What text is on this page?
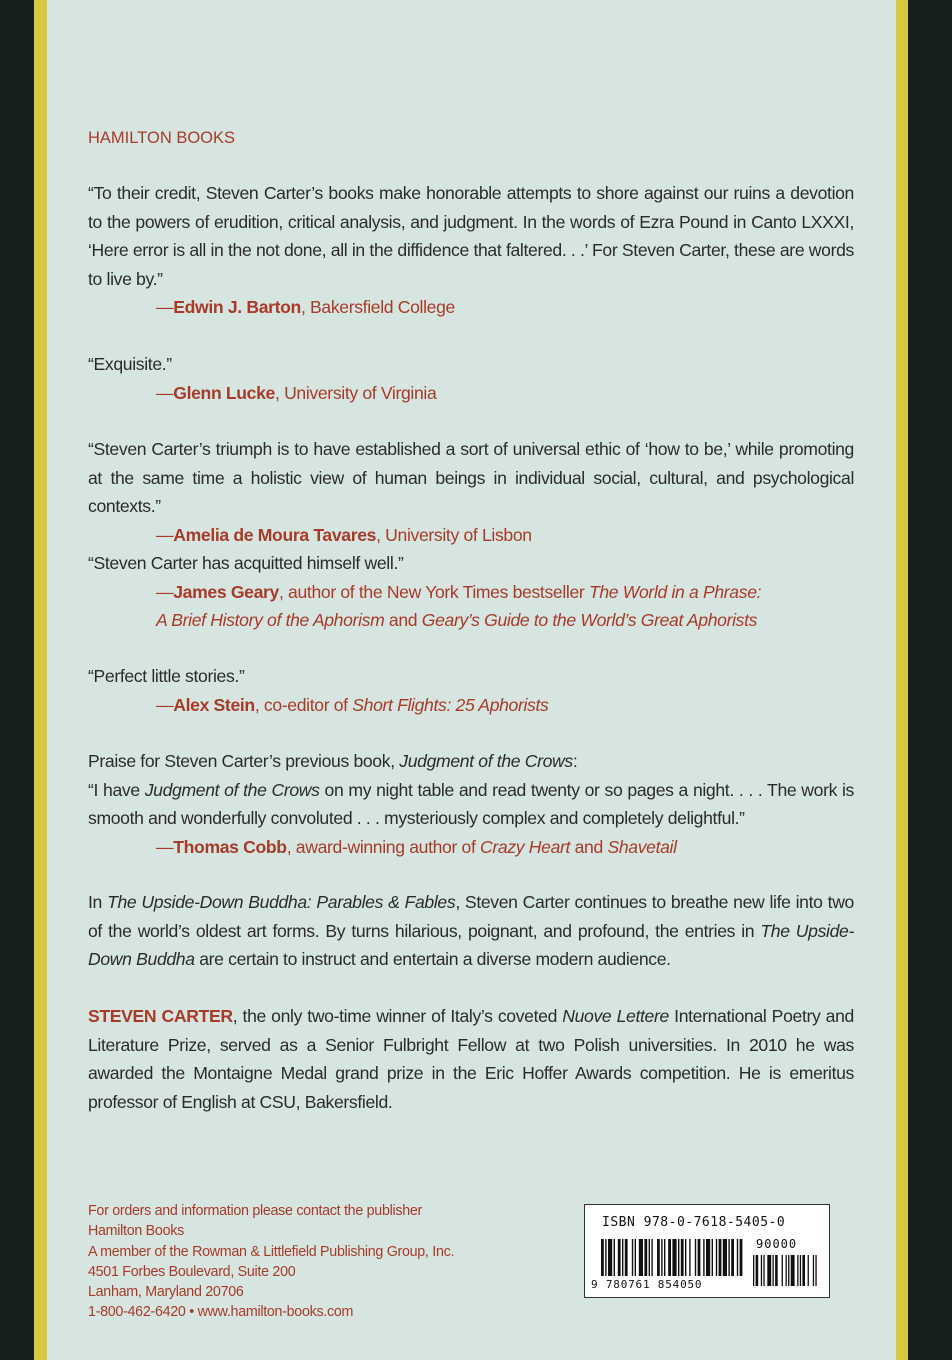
HAMILTON BOOKS

“To their credit, Steven Carter’s books make honorable attempts to shore against our ruins a devotion to the powers of erudition, critical analysis, and judgment. In the words of Ezra Pound in Canto LXXXI, ‘Here error is all in the not done, all in the diffidence that faltered. . .’ For Steven Carter, these are words to live by.”

—Edwin J. Barton, Bakersfield College

“Exquisite.”

—Glenn Lucke, University of Virginia

“Steven Carter’s triumph is to have established a sort of universal ethic of ‘how to be,’ while promoting at the same time a holistic view of human beings in individual social, cultural, and psychological contexts.”

—Amelia de Moura Tavares, University of Lisbon

“Steven Carter has acquitted himself well.”

—James Geary, author of the New York Times bestseller The World in a Phrase:
A Brief History of the Aphorism and Geary’s Guide to the World’s Great Aphorists

“Perfect little stories.”

—Alex Stein, co-editor of Short Flights: 25 Aphorists

Praise for Steven Carter’s previous book, Judgment of the Crows:

“I have Judgment of the Crows on my night table and read twenty or so pages a night. . . . The work is smooth and wonderfully convoluted . . . mysteriously complex and completely delightful.”

—Thomas Cobb, award-winning author of Crazy Heart and Shavetail

In The Upside-Down Buddha: Parables & Fables, Steven Carter continues to breathe new life into two of the world’s oldest art forms. By turns hilarious, poignant, and profound, the entries in The Upside-Down Buddha are certain to instruct and entertain a diverse modern audience.

STEVEN CARTER, the only two-time winner of Italy’s coveted Nuove Lettere International Poetry and Literature Prize, served as a Senior Fulbright Fellow at two Polish universities. In 2010 he was awarded the Montaigne Medal grand prize in the Eric Hoffer Awards competition. He is emeritus professor of English at CSU, Bakersfield.

For orders and information please contact the publisher
Hamilton Books
A member of the Rowman & Littlefield Publishing Group, Inc.
4501 Forbes Boulevard, Suite 200
Lanham, Maryland 20706
1-800-462-6420 • www.hamilton-books.com
ISBN 978-0-7618-5405-0
90000
9 780761 854050
